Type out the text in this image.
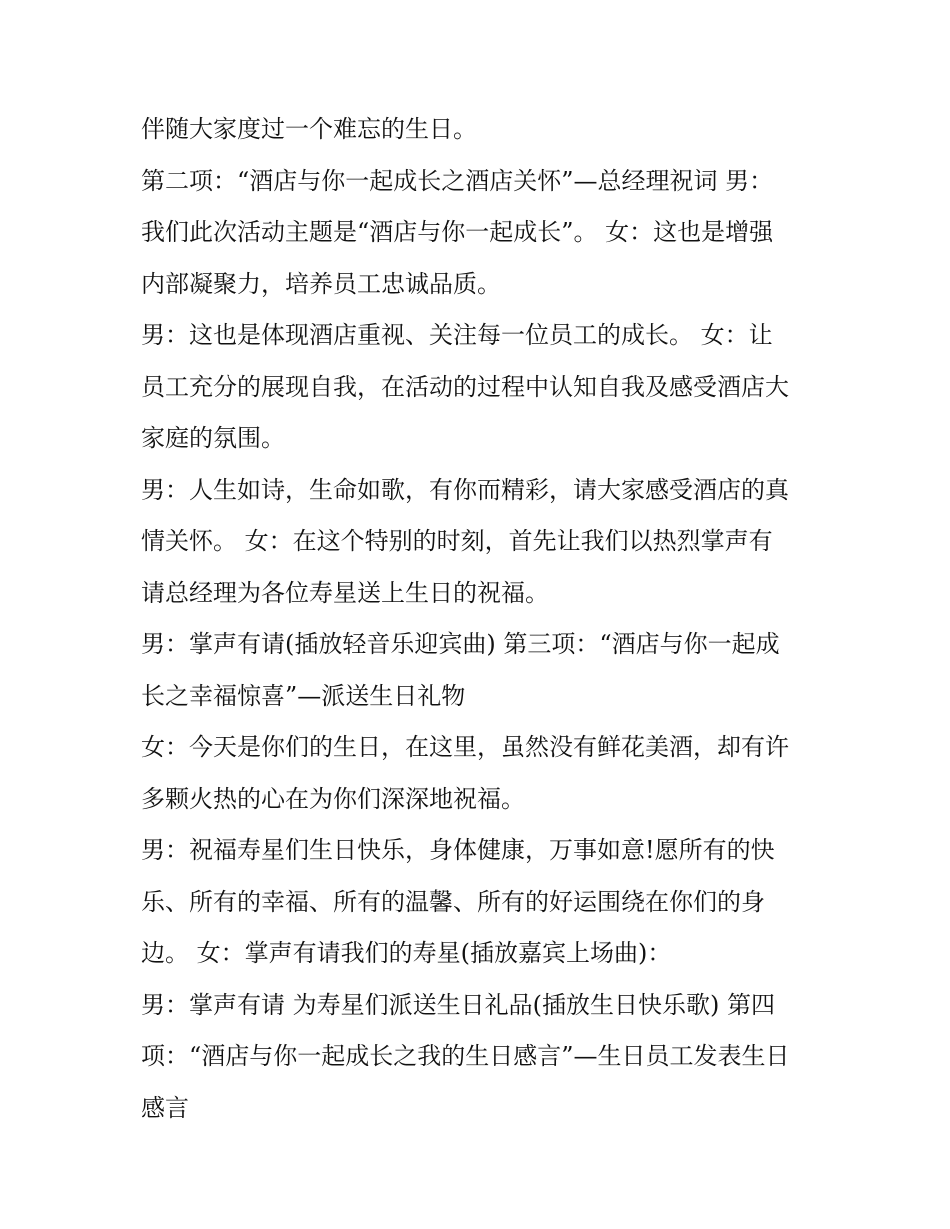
伴随大家度过一个难忘的生日。
第二项：“酒店与你一起成长之酒店关怀”—总经理祝词 男：
我们此次活动主题是“酒店与你一起成长”。 女：这也是增强
内部凝聚力，培养员工忠诚品质。
男：这也是体现酒店重视、关注每一位员工的成长。 女：让
员工充分的展现自我，在活动的过程中认知自我及感受酒店大
家庭的氛围。
男：人生如诗，生命如歌，有你而精彩，请大家感受酒店的真
情关怀。 女：在这个特别的时刻，首先让我们以热烈掌声有
请总经理为各位寿星送上生日的祝福。
男：掌声有请(插放轻音乐迎宾曲) 第三项：“酒店与你一起成
长之幸福惊喜”—派送生日礼物
女：今天是你们的生日，在这里，虽然没有鲜花美酒，却有许
多颗火热的心在为你们深深地祝福。
男：祝福寿星们生日快乐，身体健康，万事如意!愿所有的快
乐、所有的幸福、所有的温馨、所有的好运围绕在你们的身
边。 女：掌声有请我们的寿星(插放嘉宾上场曲)：
男：掌声有请 为寿星们派送生日礼品(插放生日快乐歌) 第四
项：“酒店与你一起成长之我的生日感言”—生日员工发表生日
感言
